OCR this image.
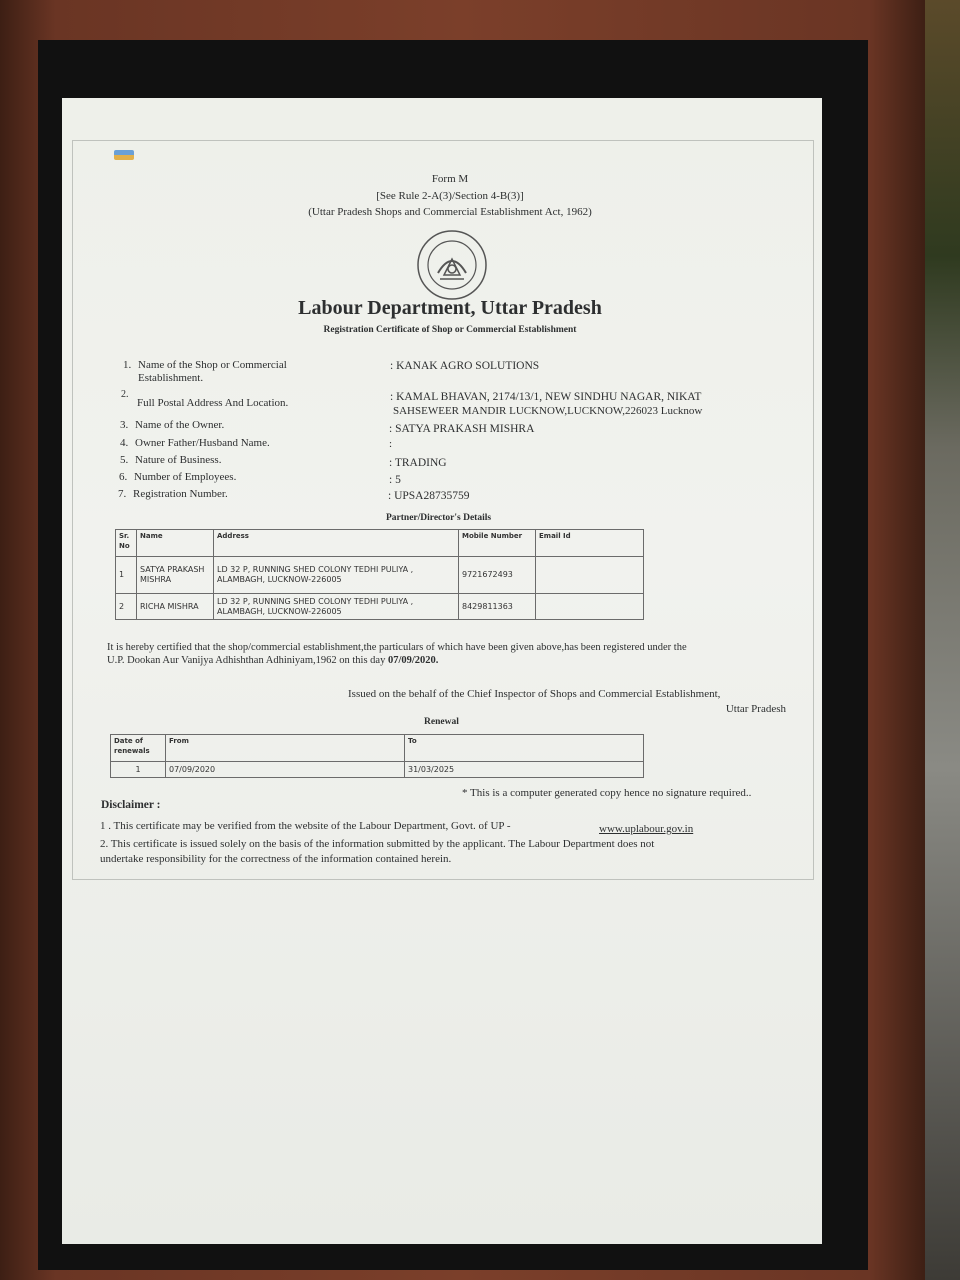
Form M
[See Rule 2-A(3)/Section 4-B(3)]
(Uttar Pradesh Shops and Commercial Establishment Act, 1962)
Labour Department, Uttar Pradesh
Registration Certificate of Shop or Commercial Establishment
1. Name of the Shop or Commercial
Establishment.
: KANAK AGRO SOLUTIONS
2.
Full Postal Address And Location.	: KAMAL BHAVAN, 2174/13/1, NEW SINDHU NAGAR, NIKAT
SAHSEWEER MANDIR LUCKNOW,LUCKNOW,226023 Lucknow
3. Name of the Owner.	: SATYA PRAKASH MISHRA
4. Owner Father/Husband Name.	:
5. Nature of Business.	: TRADING
6. Number of Employees.	: 5
7. Registration Number.	: UPSA28735759
Partner/Director's Details
Sr. No	Name	Address	Mobile Number	Email Id
1	SATYA PRAKASH MISHRA	LD 32 P, RUNNING SHED COLONY TEDHI PULIYA , ALAMBAGH, LUCKNOW-226005	9721672493	
2	RICHA MISHRA	LD 32 P, RUNNING SHED COLONY TEDHI PULIYA , ALAMBAGH, LUCKNOW-226005	8429811363	
It is hereby certified that the shop/commercial establishment,the particulars of which have been given above,has been registered under the
U.P. Dookan Aur Vanijya Adhishthan Adhiniyam,1962 on this day 07/09/2020.
Issued on the behalf of the Chief Inspector of Shops and Commercial Establishment,
Uttar Pradesh
Renewal
Date of renewals	From	To
1	07/09/2020	31/03/2025
* This is a computer generated copy hence no signature required..
Disclaimer :
1 . This certificate may be verified from the website of the Labour Department, Govt. of UP -	www.uplabour.gov.in
2. This certificate is issued solely on the basis of the information submitted by the applicant. The Labour Department does not
undertake responsibility for the correctness of the information contained herein.
